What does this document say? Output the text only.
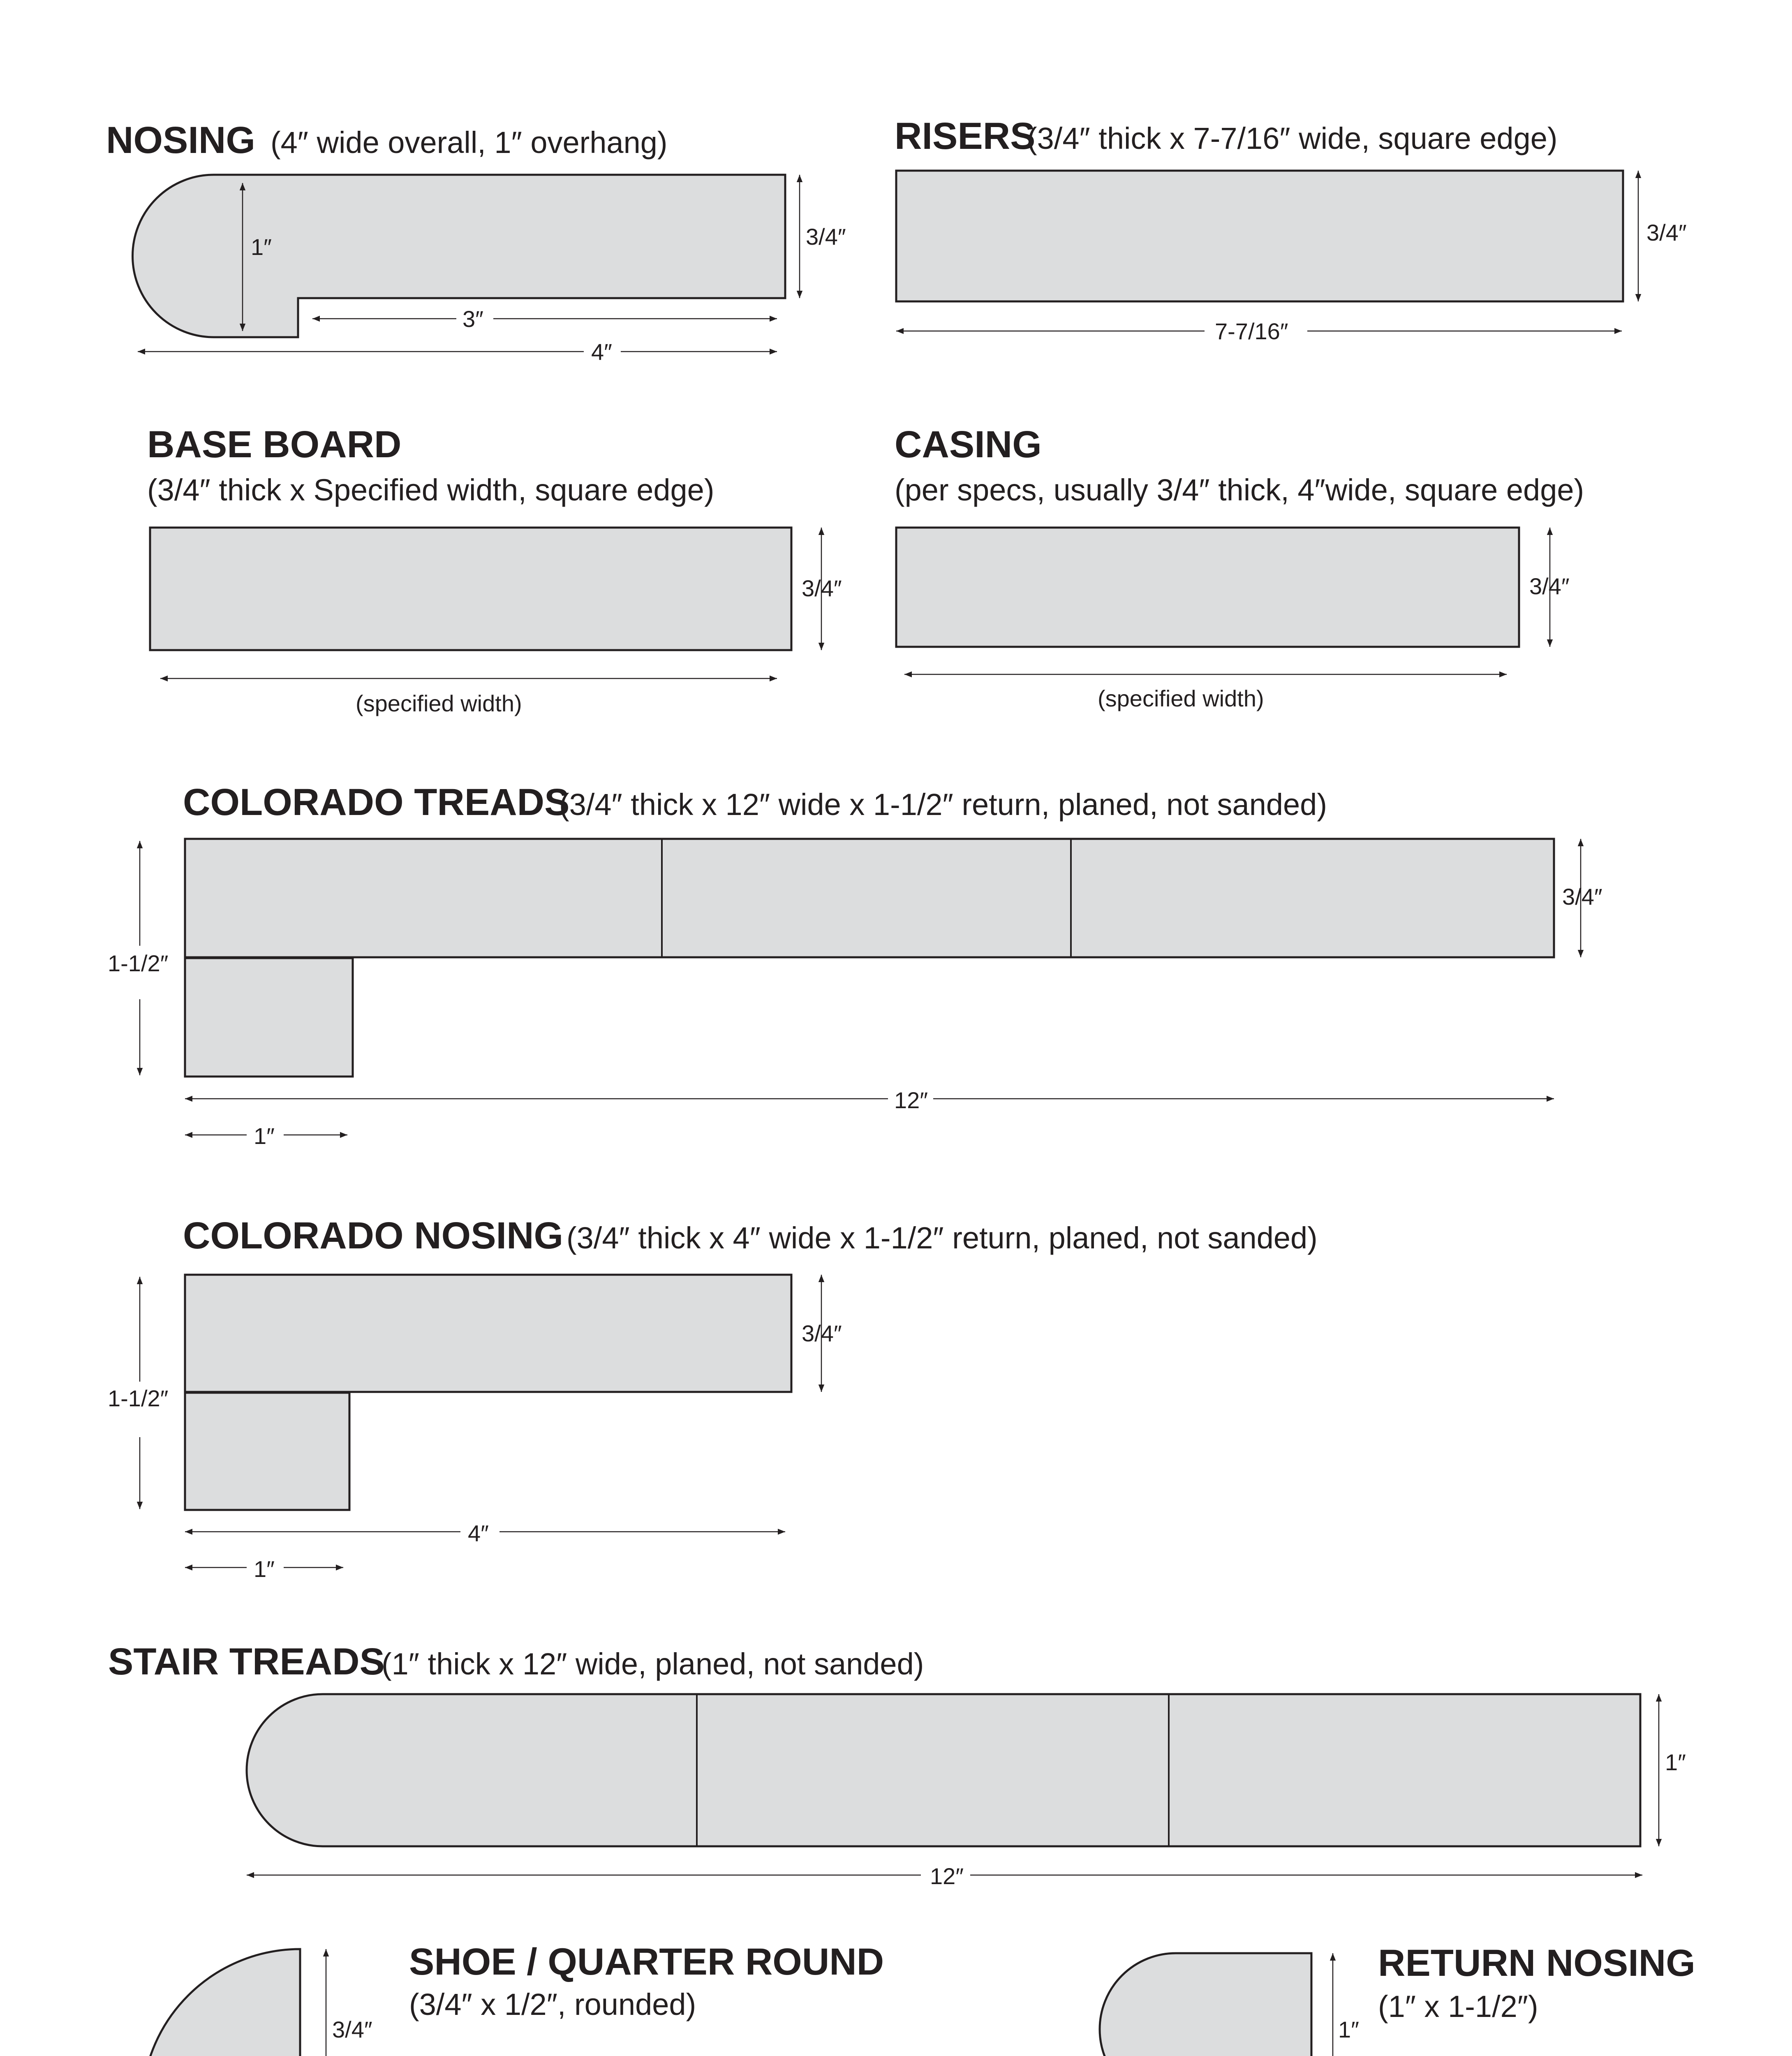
NOSING (4″ wide overall, 1″ overhang)
1″	3/4″
3″
4″
RISERS
(3/4″ thick x 7-7/16″ wide, square edge)
3/4″
7-7/16″
BASE BOARD
(3/4″ thick x Specified width, square edge)
3/4″
(specified width)
CASING
(per specs, usually 3/4″ thick, 4″wide, square edge)
3/4″
(specified width)
COLORADO TREADS
(3/4″ thick x 12″ wide x 1-1/2″ return, planed, not sanded)
1-1/2″
3/4″
12″
1″
COLORADO NOSING (3/4″ thick x 4″ wide x 1-1/2″ return, planed, not sanded)
1-1/2″
3/4″
4″
1″
STAIR TREADS
(1″ thick x 12″ wide, planed, not sanded)
1″
12″
SHOE / QUARTER ROUND
(3/4″ x 1/2″, rounded)
3/4″
RETURN NOSING
(1″ x 1-1/2″)
1″
